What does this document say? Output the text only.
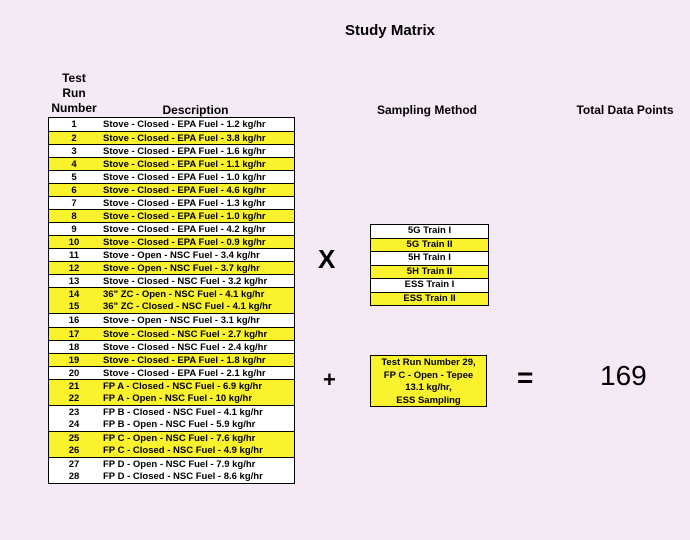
Study Matrix
Test
Run
Number	Description	Sampling Method	Total Data Points
1	Stove - Closed - EPA Fuel - 1.2 kg/hr
2	Stove - Closed - EPA Fuel - 3.8 kg/hr
3	Stove - Closed - EPA Fuel - 1.6 kg/hr
4	Stove - Closed - EPA Fuel - 1.1 kg/hr
5	Stove - Closed - EPA Fuel - 1.0 kg/hr
6	Stove - Closed - EPA Fuel - 4.6 kg/hr
7	Stove - Closed - EPA Fuel - 1.3 kg/hr
8	Stove - Closed - EPA Fuel - 1.0 kg/hr
9	Stove - Closed - EPA Fuel - 4.2 kg/hr
10	Stove - Closed - EPA Fuel - 0.9 kg/hr
11	Stove - Open - NSC Fuel - 3.4 kg/hr
12	Stove - Open - NSC Fuel - 3.7 kg/hr
13	Stove - Closed - NSC Fuel - 3.2 kg/hr
14	36" ZC - Open - NSC Fuel - 4.1 kg/hr
15	36" ZC - Closed - NSC Fuel - 4.1 kg/hr
16	Stove - Open - NSC Fuel - 3.1 kg/hr
17	Stove - Closed - NSC Fuel - 2.7 kg/hr
18	Stove - Closed - NSC Fuel - 2.4 kg/hr
19	Stove - Closed - EPA Fuel - 1.8 kg/hr
20	Stove - Closed - EPA Fuel - 2.1 kg/hr
21	FP A - Closed - NSC Fuel - 6.9 kg/hr
22	FP A - Open - NSC Fuel - 10 kg/hr
23	FP B - Closed - NSC Fuel - 4.1 kg/hr
24	FP B - Open - NSC Fuel - 5.9 kg/hr
25	FP C - Open - NSC Fuel - 7.6 kg/hr
26	FP C - Closed - NSC Fuel - 4.9 kg/hr
27	FP D - Open - NSC Fuel - 7.9 kg/hr
28	FP D - Closed - NSC Fuel - 8.6 kg/hr
X
5G Train I
5G Train II
5H Train I
5H Train II
ESS Train I
ESS Train II
+
Test Run Number 29,
FP C - Open - Tepee
13.1 kg/hr,
ESS Sampling
= 169
